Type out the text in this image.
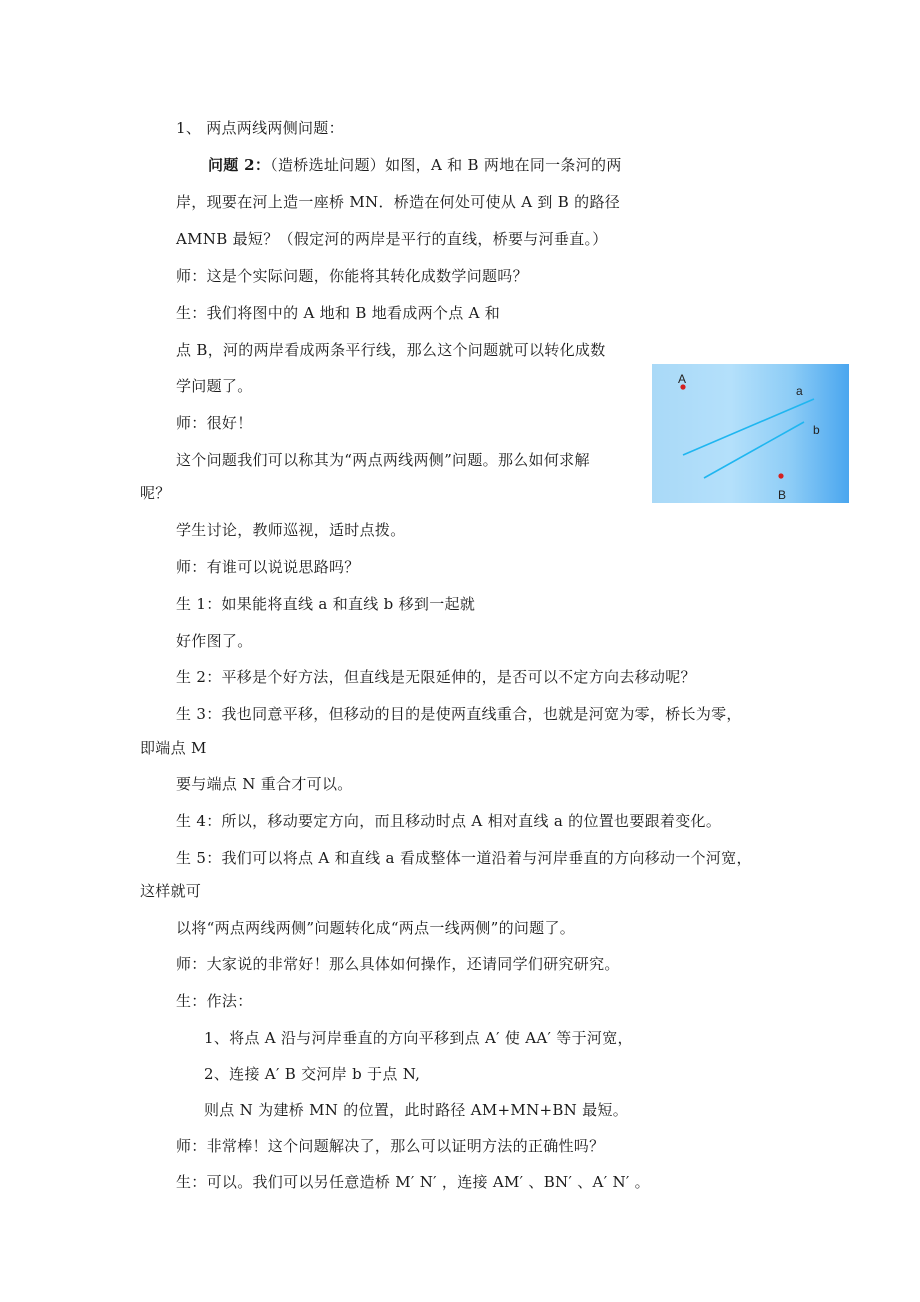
1、 两点两线两侧问题：

问题 2：（造桥选址问题）如图，A 和 B 两地在同一条河的两

岸，现要在河上造一座桥 MN．桥造在何处可使从 A 到 B 的路径

AMNB 最短？（假定河的两岸是平行的直线，桥要与河垂直。）

师：这是个实际问题，你能将其转化成数学问题吗？

生：我们将图中的 A 地和 B 地看成两个点 A 和

点 B，河的两岸看成两条平行线，那么这个问题就可以转化成数

学问题了。

师：很好！

这个问题我们可以称其为“两点两线两侧”问题。那么如何求解

呢？

学生讨论，教师巡视，适时点拨。

师：有谁可以说说思路吗？

生 1：如果能将直线 a 和直线 b 移到一起就

好作图了。

生 2：平移是个好方法，但直线是无限延伸的，是否可以不定方向去移动呢？

生 3：我也同意平移，但移动的目的是使两直线重合，也就是河宽为零，桥长为零，

即端点 M

要与端点 N 重合才可以。

生 4：所以，移动要定方向，而且移动时点 A 相对直线 a 的位置也要跟着变化。

生 5：我们可以将点 A 和直线 a 看成整体一道沿着与河岸垂直的方向移动一个河宽，

这样就可

以将“两点两线两侧”问题转化成“两点一线两侧”的问题了。

师：大家说的非常好！那么具体如何操作，还请同学们研究研究。

生：作法：

1、将点 A 沿与河岸垂直的方向平移到点 A′ 使 AA′ 等于河宽，

2、连接 A′ B 交河岸 b 于点 N,

则点 N 为建桥 MN 的位置，此时路径 AM+MN+BN 最短。

师：非常棒！这个问题解决了，那么可以证明方法的正确性吗？

生：可以。我们可以另任意造桥 M′ N′ ，连接 AM′ 、BN′ 、A′ N′ 。

A
B
a
b
